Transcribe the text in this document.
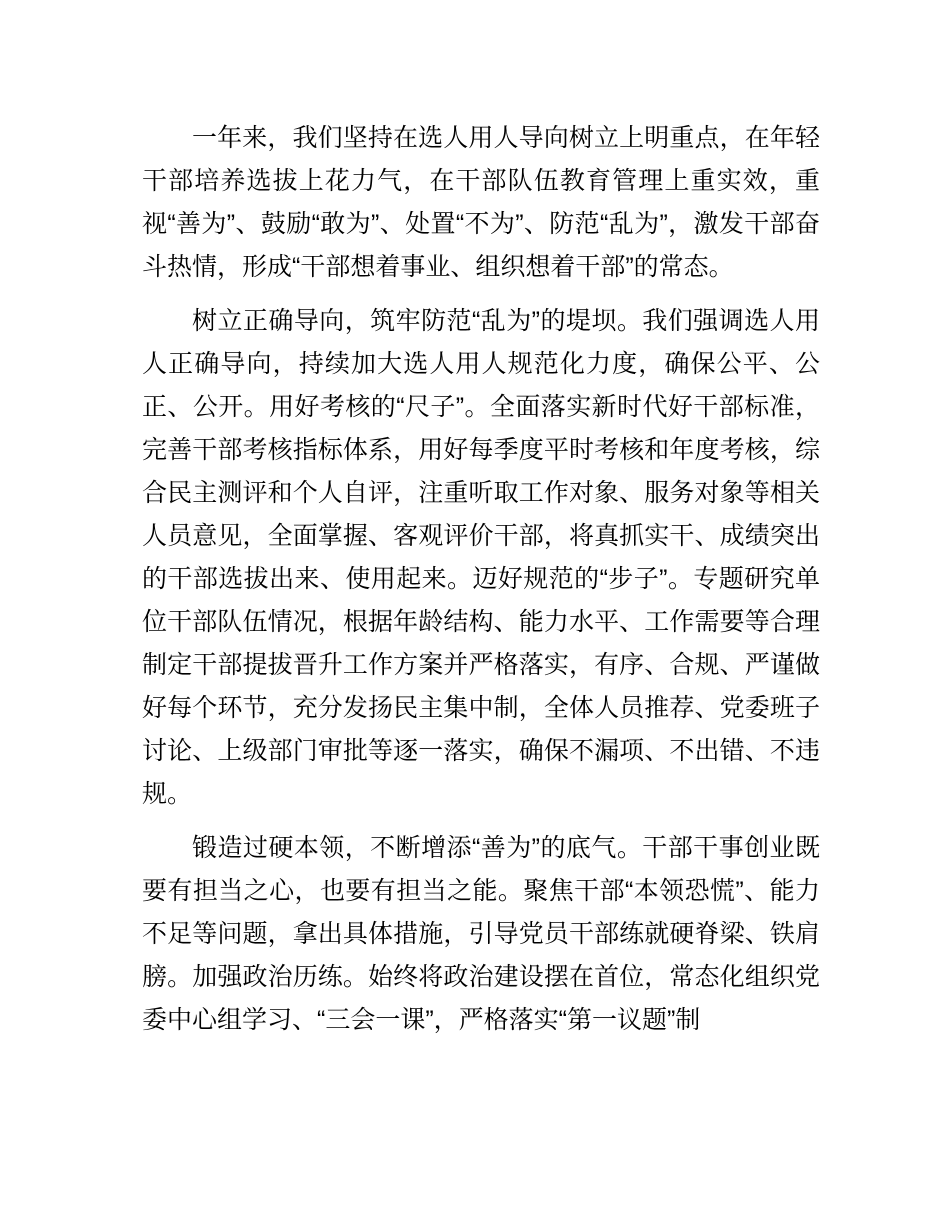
一年来，我们坚持在选人用人导向树立上明重点，在年轻干部培养选拔上花力气，在干部队伍教育管理上重实效，重视“善为”、鼓励“敢为”、处置“不为”、防范“乱为”，激发干部奋斗热情，形成“干部想着事业、组织想着干部”的常态。

树立正确导向，筑牢防范“乱为”的堤坝。我们强调选人用人正确导向，持续加大选人用人规范化力度，确保公平、公正、公开。用好考核的“尺子”。全面落实新时代好干部标准，完善干部考核指标体系，用好每季度平时考核和年度考核，综合民主测评和个人自评，注重听取工作对象、服务对象等相关人员意见，全面掌握、客观评价干部，将真抓实干、成绩突出的干部选拔出来、使用起来。迈好规范的“步子”。专题研究单位干部队伍情况，根据年龄结构、能力水平、工作需要等合理制定干部提拔晋升工作方案并严格落实，有序、合规、严谨做好每个环节，充分发扬民主集中制，全体人员推荐、党委班子讨论、上级部门审批等逐一落实，确保不漏项、不出错、不违规。

锻造过硬本领，不断增添“善为”的底气。干部干事创业既要有担当之心，也要有担当之能。聚焦干部“本领恐慌”、能力不足等问题，拿出具体措施，引导党员干部练就硬脊梁、铁肩膀。加强政治历练。始终将政治建设摆在首位，常态化组织党委中心组学习、“三会一课”，严格落实“第一议题”制
